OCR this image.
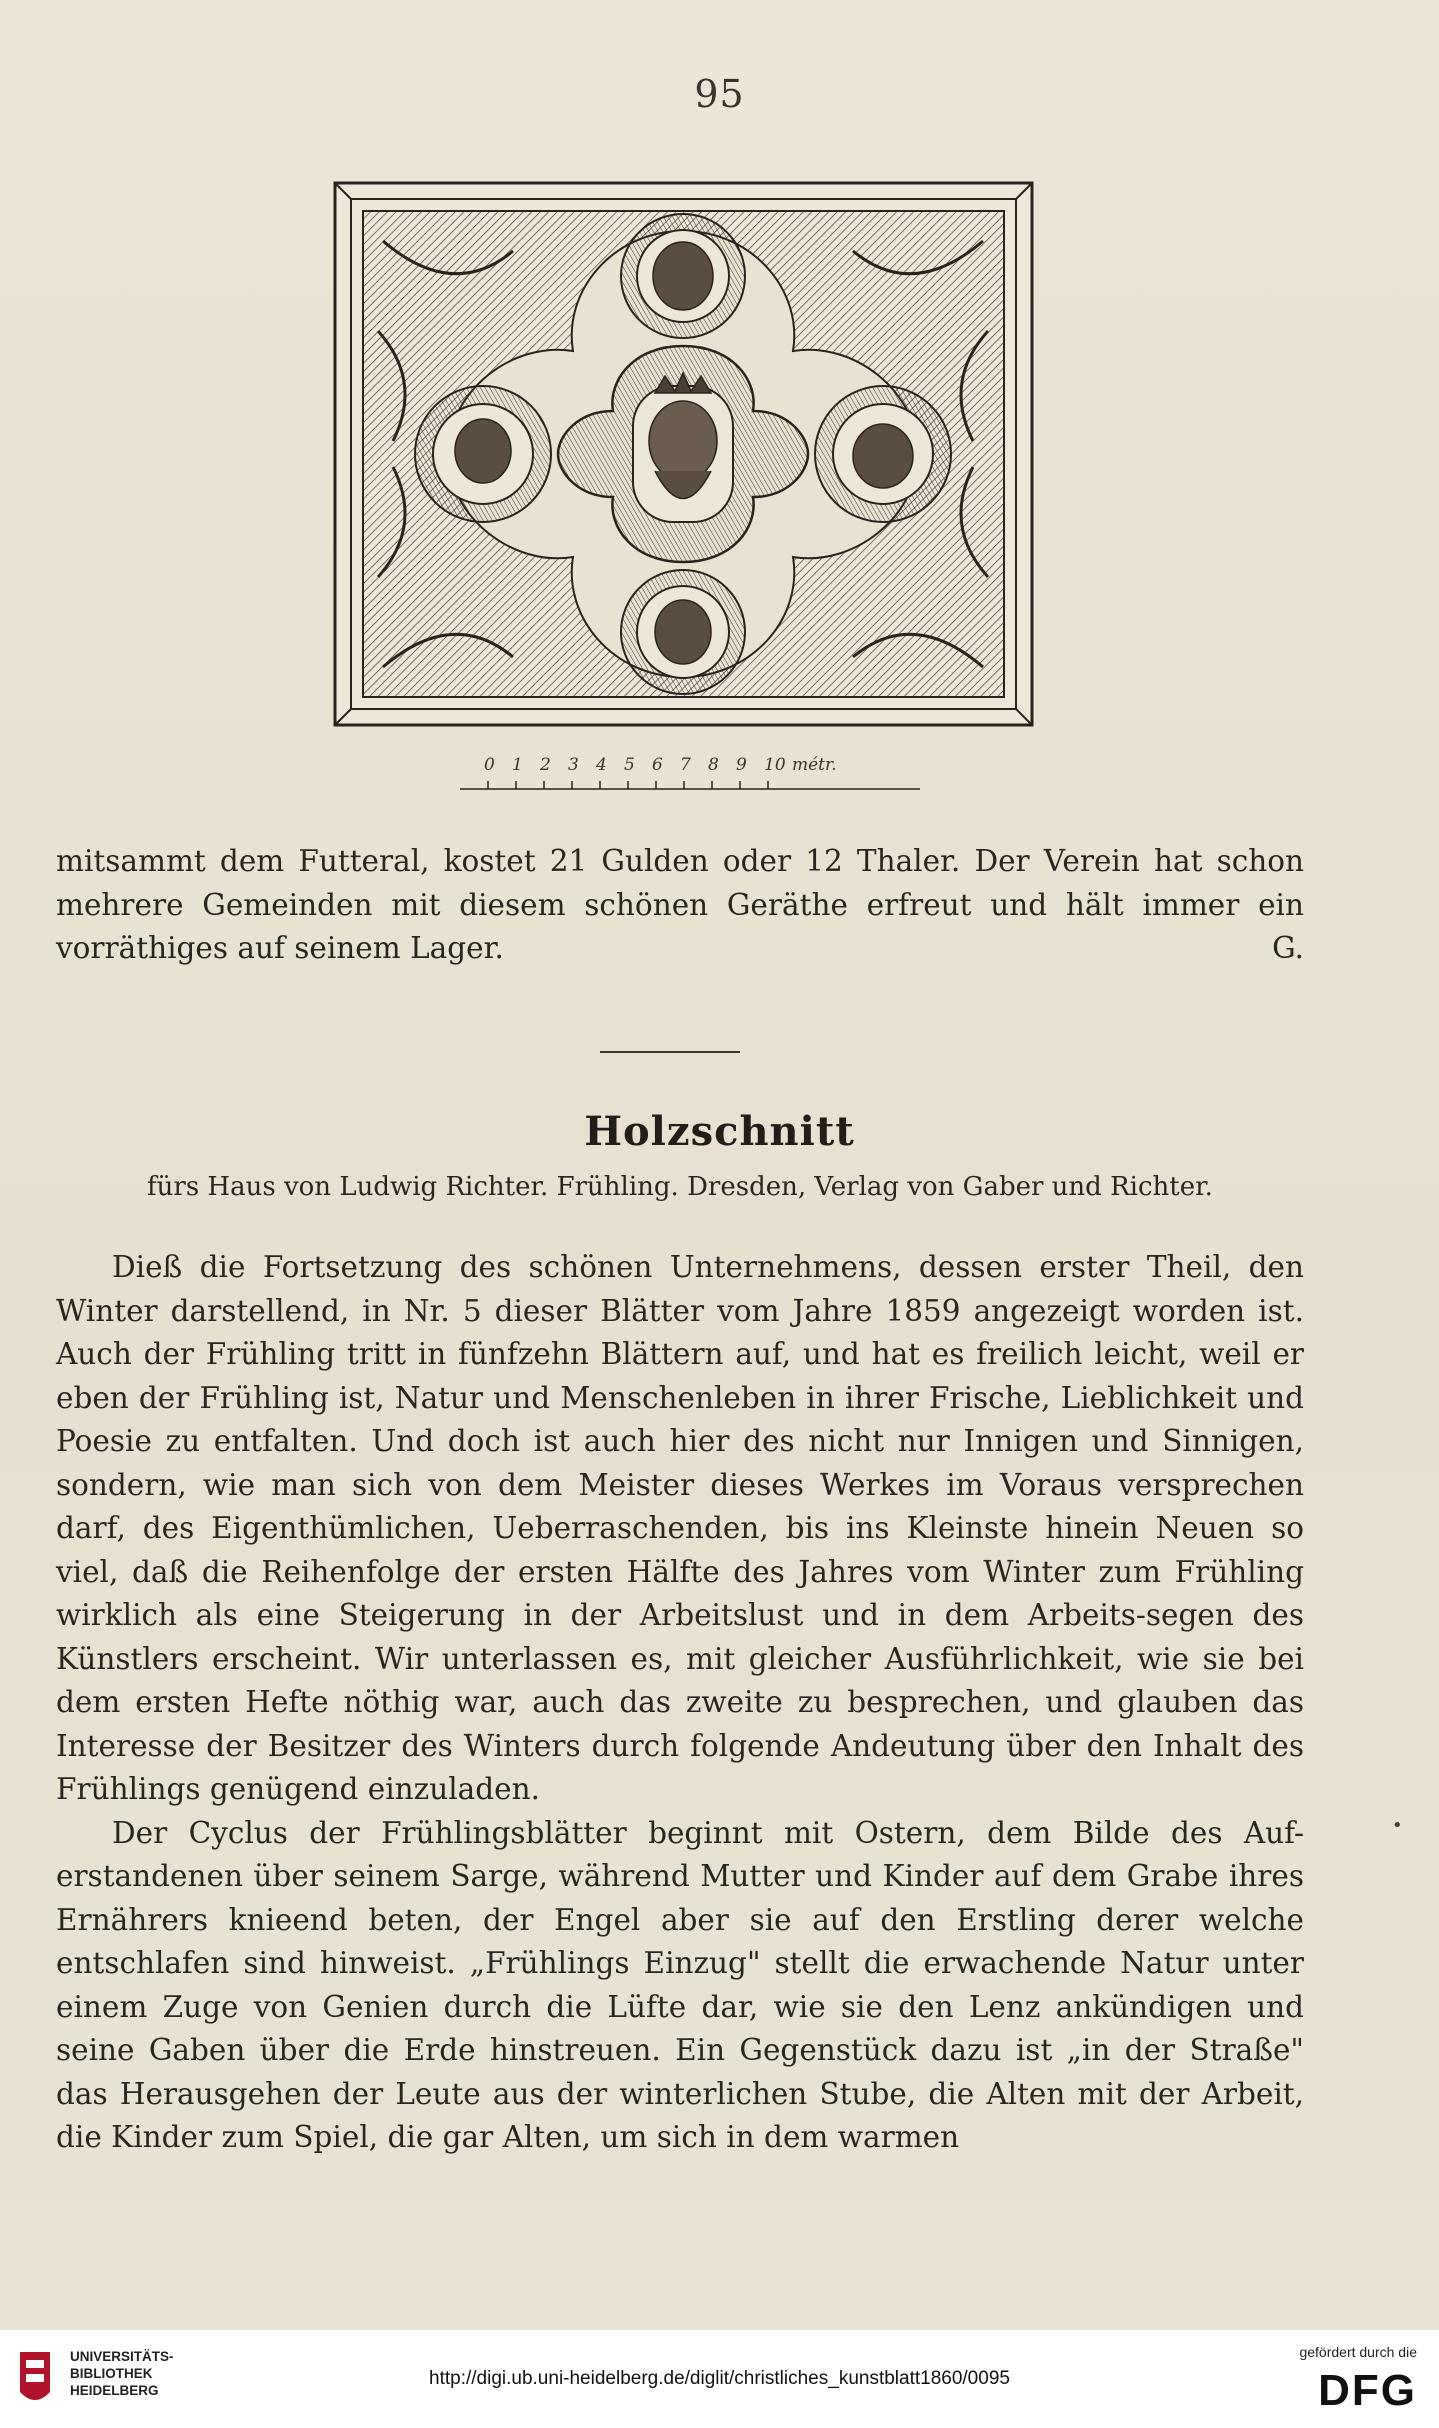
95
0 1 2 3 4 5 6 7 8 9 10 métr.

mitsammt dem Futteral, kostet 21 Gulden oder 12 Thaler. Der Verein hat schon mehrere Gemeinden mit diesem schönen Geräthe erfreut und hält immer ein vorräthiges auf seinem Lager.	G.

Holzschnitt
fürs Haus von Ludwig Richter. Frühling. Dresden, Verlag von Gaber und Richter.

Dieß die Fortsetzung des schönen Unternehmens, dessen erster Theil, den Winter darstellend, in Nr. 5 dieser Blätter vom Jahre 1859 angezeigt worden ist. Auch der Frühling tritt in fünfzehn Blättern auf, und hat es freilich leicht, weil er eben der Frühling ist, Natur und Menschenleben in ihrer Frische, Lieblichkeit und Poesie zu entfalten. Und doch ist auch hier des nicht nur Innigen und Sinnigen, sondern, wie man sich von dem Meister dieses Werkes im Voraus versprechen darf, des Eigenthümlichen, Ueberraschenden, bis ins Kleinste hinein Neuen so viel, daß die Reihenfolge der ersten Hälfte des Jahres vom Winter zum Frühling wirklich als eine Steigerung in der Arbeitslust und in dem Arbeits-segen des Künstlers erscheint. Wir unterlassen es, mit gleicher Ausführlichkeit, wie sie bei dem ersten Hefte nöthig war, auch das zweite zu besprechen, und glauben das Interesse der Besitzer des Winters durch folgende Andeutung über den Inhalt des Frühlings genügend einzuladen.

Der Cyclus der Frühlingsblätter beginnt mit Ostern, dem Bilde des Auf-erstandenen über seinem Sarge, während Mutter und Kinder auf dem Grabe ihres Ernährers knieend beten, der Engel aber sie auf den Erstling derer welche entschlafen sind hinweist. „Frühlings Einzug" stellt die erwachende Natur unter einem Zuge von Genien durch die Lüfte dar, wie sie den Lenz ankündigen und seine Gaben über die Erde hinstreuen. Ein Gegenstück dazu ist „in der Straße" das Herausgehen der Leute aus der winterlichen Stube, die Alten mit der Arbeit, die Kinder zum Spiel, die gar Alten, um sich in dem warmen

•
UNIVERSITÄTS-
BIBLIOTHEK
HEIDELBERG
http://digi.ub.uni-heidelberg.de/diglit/christliches_kunstblatt1860/0095
gefördert durch die
DFG
